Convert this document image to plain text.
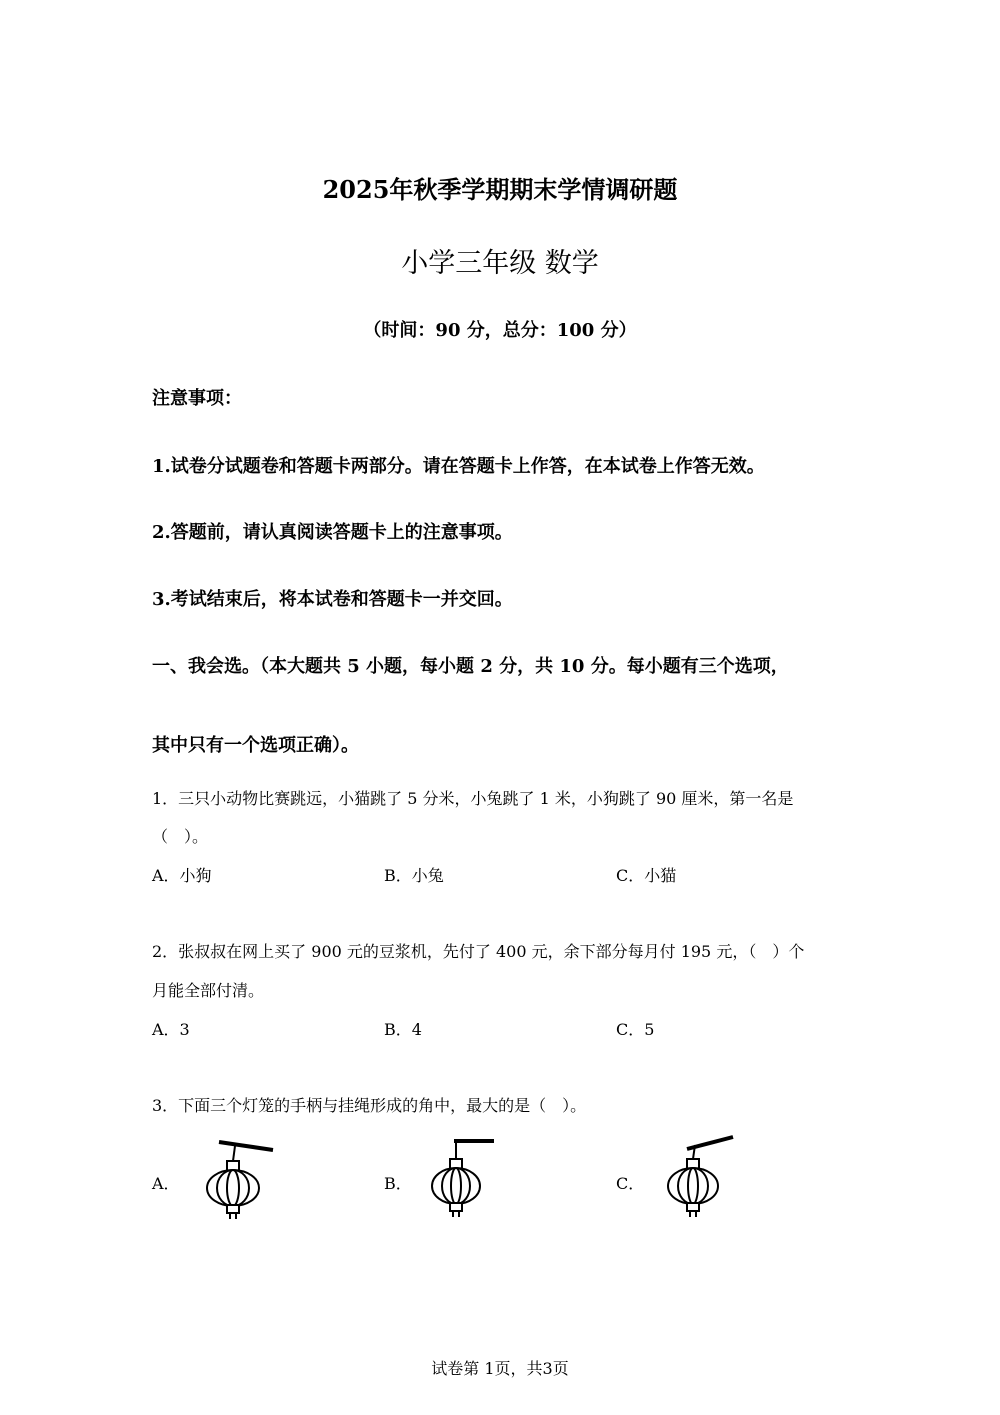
2025年秋季学期期末学情调研题
小学三年级 数学
（时间：90 分，总分：100 分）
注意事项：
1.试卷分试题卷和答题卡两部分。请在答题卡上作答，在本试卷上作答无效。
2.答题前，请认真阅读答题卡上的注意事项。
3.考试结束后，将本试卷和答题卡一并交回。
一、我会选。（本大题共 5 小题，每小题 2 分，共 10 分。每小题有三个选项，
其中只有一个选项正确）。
1．三只小动物比赛跳远，小猫跳了 5 分米，小兔跳了 1 米，小狗跳了 90 厘米，第一名是
（　）。
A．小狗	B．小兔	C．小猫
2．张叔叔在网上买了 900 元的豆浆机，先付了 400 元，余下部分每月付 195 元，（　）个
月能全部付清。
A．3	B．4	C．5
3．下面三个灯笼的手柄与挂绳形成的角中，最大的是（　）。
A．	B．	C．
试卷第 1页，共3页
